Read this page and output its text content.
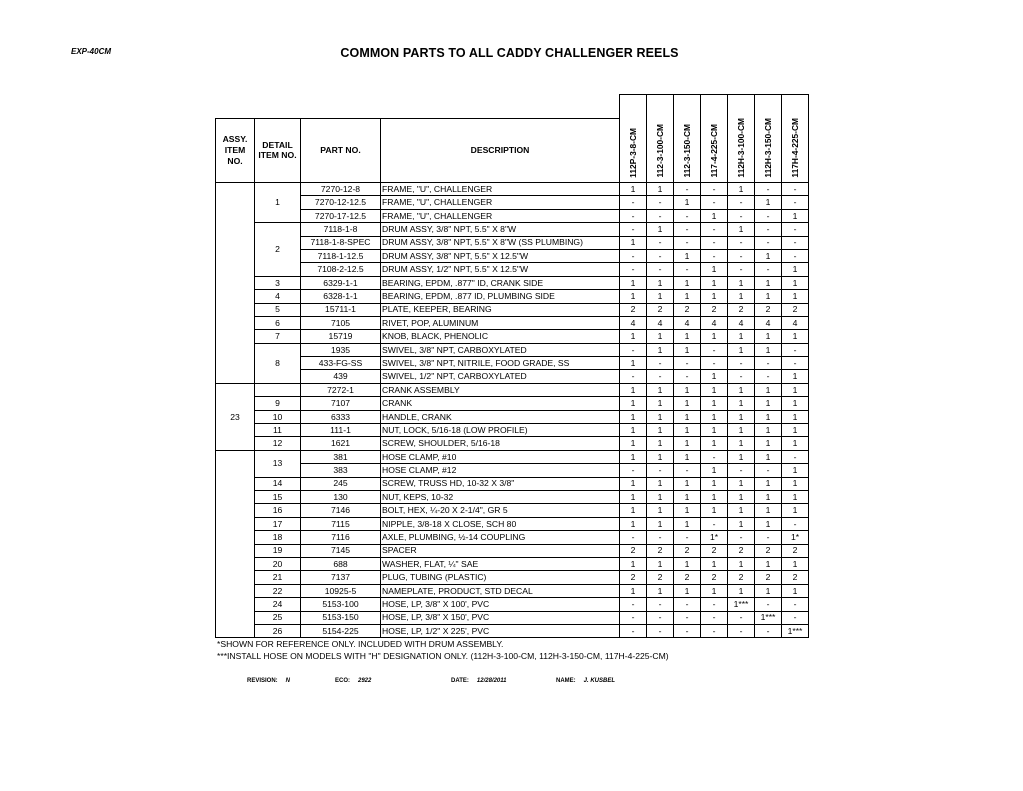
EXP-40CM	COMMON PARTS TO ALL CADDY CHALLENGER REELS
				112P-3-8-CM	112-3-100-CM	112-3-150-CM	117-4-225-CM	112H-3-100-CM	112H-3-150-CM	117H-4-225-CM
ASSY. ITEM NO.	DETAIL ITEM NO.	PART NO.	DESCRIPTION							
	1	7270-12-8	FRAME, "U", CHALLENGER	1	1	-	-	1	-	-
		7270-12-12.5	FRAME, "U", CHALLENGER	-	-	1	-	-	1	-
		7270-17-12.5	FRAME, "U", CHALLENGER	-	-	-	1	-	-	1
	2	7118-1-8	DRUM ASSY, 3/8" NPT, 5.5" X 8"W	-	1	-	-	1	-	-
		7118-1-8-SPEC	DRUM ASSY, 3/8" NPT, 5.5" X 8"W (SS PLUMBING)	1	-	-	-	-	-	-
		7118-1-12.5	DRUM ASSY, 3/8" NPT, 5.5" X 12.5"W	-	-	1	-	-	1	-
		7108-2-12.5	DRUM ASSY, 1/2" NPT, 5.5" X 12.5"W	-	-	-	1	-	-	1
	3	6329-1-1	BEARING, EPDM, .877" ID, CRANK SIDE	1	1	1	1	1	1	1
	4	6328-1-1	BEARING, EPDM, .877 ID, PLUMBING SIDE	1	1	1	1	1	1	1
	5	15711-1	PLATE, KEEPER, BEARING	2	2	2	2	2	2	2
	6	7105	RIVET, POP, ALUMINUM	4	4	4	4	4	4	4
	7	15719	KNOB, BLACK, PHENOLIC	1	1	1	1	1	1	1
	8	1935	SWIVEL, 3/8" NPT, CARBOXYLATED	-	1	1	-	1	1	-
		433-FG-SS	SWIVEL, 3/8" NPT, NITRILE, FOOD GRADE, SS	1	-	-	-	-	-	-
		439	SWIVEL, 1/2" NPT, CARBOXYLATED	-	-	-	1	-	-	1
23		7272-1	CRANK ASSEMBLY	1	1	1	1	1	1	1
	9	7107	CRANK	1	1	1	1	1	1	1
	10	6333	HANDLE, CRANK	1	1	1	1	1	1	1
	11	111-1	NUT, LOCK, 5/16-18 (LOW PROFILE)	1	1	1	1	1	1	1
	12	1621	SCREW, SHOULDER, 5/16-18	1	1	1	1	1	1	1
	13	381	HOSE CLAMP, #10	1	1	1	-	1	1	-
		383	HOSE CLAMP, #12	-	-	-	1	-	-	1
	14	245	SCREW, TRUSS HD, 10-32 X 3/8"	1	1	1	1	1	1	1
	15	130	NUT, KEPS, 10-32	1	1	1	1	1	1	1
	16	7146	BOLT, HEX, ¼-20 X 2-1/4", GR 5	1	1	1	1	1	1	1
	17	7115	NIPPLE, 3/8-18 X CLOSE, SCH 80	1	1	1	-	1	1	-
	18	7116	AXLE, PLUMBING, ½-14 COUPLING	-	-	-	1*	-	-	1*
	19	7145	SPACER	2	2	2	2	2	2	2
	20	688	WASHER, FLAT, ¼" SAE	1	1	1	1	1	1	1
	21	7137	PLUG, TUBING (PLASTIC)	2	2	2	2	2	2	2
	22	10925-5	NAMEPLATE, PRODUCT, STD DECAL	1	1	1	1	1	1	1
	24	5153-100	HOSE, LP, 3/8" X 100', PVC	-	-	-	-	1***	-	-
	25	5153-150	HOSE, LP, 3/8" X 150', PVC	-	-	-	-	-	1***	-
	26	5154-225	HOSE, LP, 1/2" X 225', PVC	-	-	-	-	-	-	1***
*SHOWN FOR REFERENCE ONLY. INCLUDED WITH DRUM ASSEMBLY.
***INSTALL HOSE ON MODELS WITH "H" DESIGNATION ONLY. (112H-3-100-CM, 112H-3-150-CM, 117H-4-225-CM)
REVISION: N	ECO: 2922	DATE: 12/28/2011	NAME: J. KUSBEL
